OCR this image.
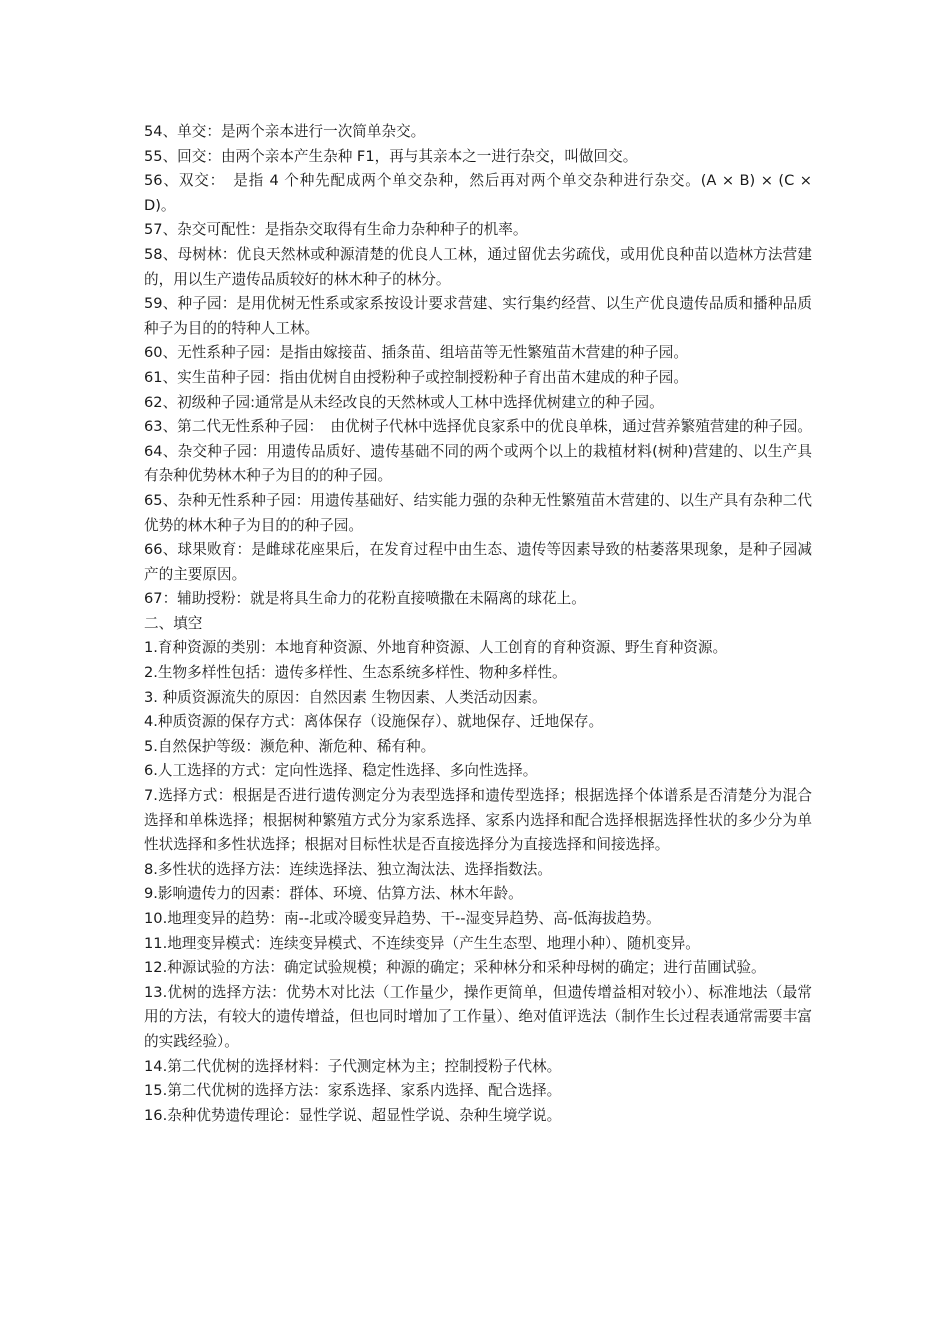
54、单交：是两个亲本进行一次简单杂交。

55、回交：由两个亲本产生杂种 F1，再与其亲本之一进行杂交，叫做回交。

56、双交：　是指 4 个种先配成两个单交杂种，然后再对两个单交杂种进行杂交。(A × B) × (C × D)。

57、杂交可配性：是指杂交取得有生命力杂种种子的机率。

58、母树林：优良天然林或种源清楚的优良人工林，通过留优去劣疏伐，或用优良种苗以造林方法营建的，用以生产遗传品质较好的林木种子的林分。

59、种子园：是用优树无性系或家系按设计要求营建、实行集约经营、以生产优良遗传品质和播种品质种子为目的的特种人工林。

60、无性系种子园：是指由嫁接苗、插条苗、组培苗等无性繁殖苗木营建的种子园。

61、实生苗种子园：指由优树自由授粉种子或控制授粉种子育出苗木建成的种子园。

62、初级种子园:通常是从未经改良的天然林或人工林中选择优树建立的种子园。

63、第二代无性系种子园：　由优树子代林中选择优良家系中的优良单株，通过营养繁殖营建的种子园。

64、杂交种子园：用遗传品质好、遗传基础不同的两个或两个以上的栽植材料(树种)营建的、以生产具有杂种优势林木种子为目的的种子园。

65、杂种无性系种子园：用遗传基础好、结实能力强的杂种无性繁殖苗木营建的、以生产具有杂种二代优势的林木种子为目的的种子园。

66、球果败育：是雌球花座果后，在发育过程中由生态、遗传等因素导致的枯萎落果现象，是种子园减产的主要原因。

67：辅助授粉：就是将具生命力的花粉直接喷撒在未隔离的球花上。

二、填空

1.育种资源的类别：本地育种资源、外地育种资源、人工创育的育种资源、野生育种资源。

2.生物多样性包括：遗传多样性、生态系统多样性、物种多样性。

3. 种质资源流失的原因：自然因素 生物因素、人类活动因素。

4.种质资源的保存方式：离体保存（设施保存）、就地保存、迁地保存。

5.自然保护等级：濒危种、渐危种、稀有种。

6.人工选择的方式：定向性选择、稳定性选择、多向性选择。

7.选择方式：根据是否进行遗传测定分为表型选择和遗传型选择；根据选择个体谱系是否清楚分为混合选择和单株选择；根据树种繁殖方式分为家系选择、家系内选择和配合选择根据选择性状的多少分为单性状选择和多性状选择；根据对目标性状是否直接选择分为直接选择和间接选择。

8.多性状的选择方法：连续选择法、独立淘汰法、选择指数法。

9.影响遗传力的因素：群体、环境、估算方法、林木年龄。

10.地理变异的趋势：南--北或冷暖变异趋势、干--湿变异趋势、高-低海拔趋势。

11.地理变异模式：连续变异模式、不连续变异（产生生态型、地理小种）、随机变异。

12.种源试验的方法：确定试验规模；种源的确定；采种林分和采种母树的确定；进行苗圃试验。

13.优树的选择方法：优势木对比法（工作量少，操作更简单，但遗传增益相对较小）、标准地法（最常用的方法，有较大的遗传增益，但也同时增加了工作量）、绝对值评选法（制作生长过程表通常需要丰富的实践经验）。

14.第二代优树的选择材料：子代测定林为主；控制授粉子代林。

15.第二代优树的选择方法：家系选择、家系内选择、配合选择。

16.杂种优势遗传理论：显性学说、超显性学说、杂种生境学说。
